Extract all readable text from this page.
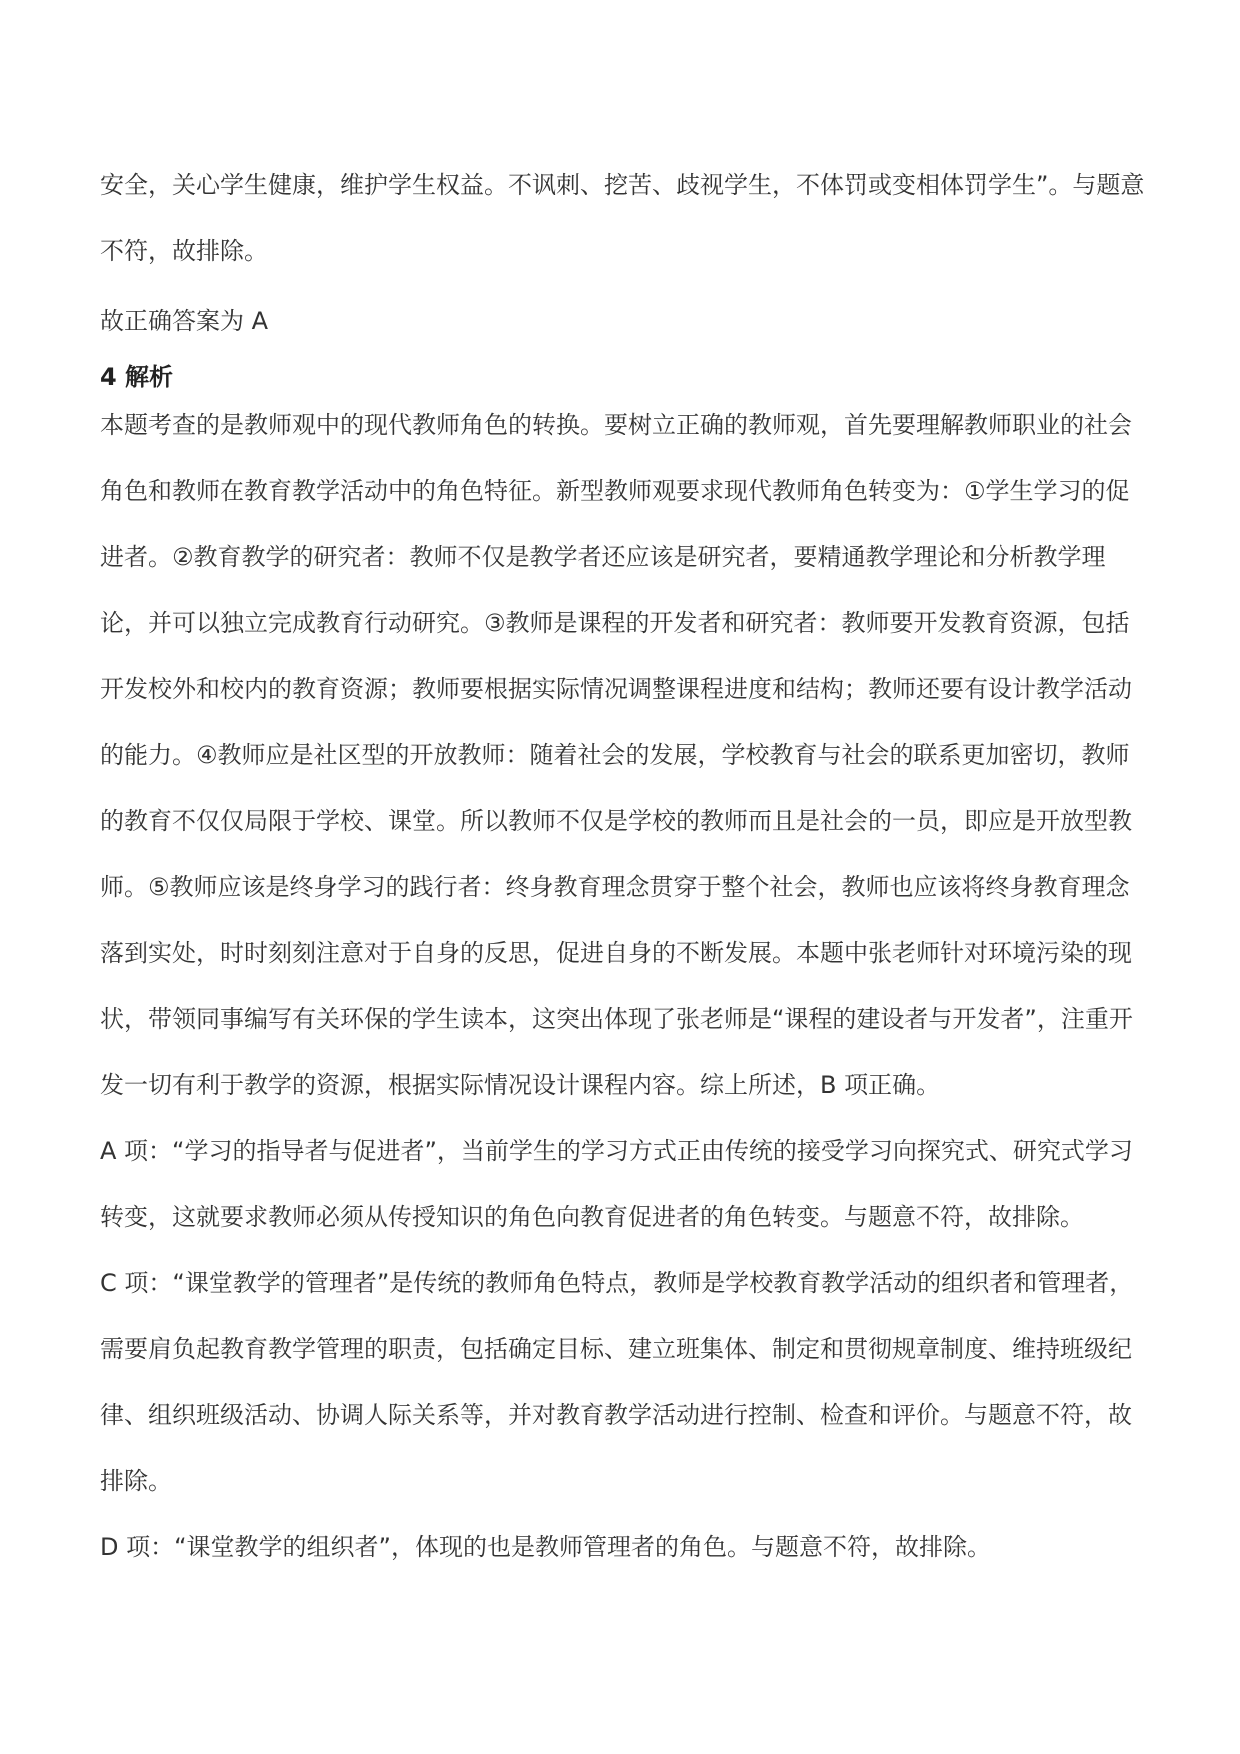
安全，关心学生健康，维护学生权益。不讽刺、挖苦、歧视学生，不体罚或变相体罚学生”。与题意不符，故排除。

故正确答案为 A

4 解析

本题考查的是教师观中的现代教师角色的转换。要树立正确的教师观，首先要理解教师职业的社会角色和教师在教育教学活动中的角色特征。新型教师观要求现代教师角色转变为：①学生学习的促进者。②教育教学的研究者：教师不仅是教学者还应该是研究者，要精通教学理论和分析教学理论，并可以独立完成教育行动研究。③教师是课程的开发者和研究者：教师要开发教育资源，包括开发校外和校内的教育资源；教师要根据实际情况调整课程进度和结构；教师还要有设计教学活动的能力。④教师应是社区型的开放教师：随着社会的发展，学校教育与社会的联系更加密切，教师的教育不仅仅局限于学校、课堂。所以教师不仅是学校的教师而且是社会的一员，即应是开放型教师。⑤教师应该是终身学习的践行者：终身教育理念贯穿于整个社会，教师也应该将终身教育理念落到实处，时时刻刻注意对于自身的反思，促进自身的不断发展。本题中张老师针对环境污染的现状，带领同事编写有关环保的学生读本，这突出体现了张老师是“课程的建设者与开发者”，注重开发一切有利于教学的资源，根据实际情况设计课程内容。综上所述，B 项正确。

A 项：“学习的指导者与促进者”，当前学生的学习方式正由传统的接受学习向探究式、研究式学习转变，这就要求教师必须从传授知识的角色向教育促进者的角色转变。与题意不符，故排除。

C 项：“课堂教学的管理者”是传统的教师角色特点，教师是学校教育教学活动的组织者和管理者，需要肩负起教育教学管理的职责，包括确定目标、建立班集体、制定和贯彻规章制度、维持班级纪律、组织班级活动、协调人际关系等，并对教育教学活动进行控制、检查和评价。与题意不符，故排除。

D 项：“课堂教学的组织者”，体现的也是教师管理者的角色。与题意不符，故排除。
